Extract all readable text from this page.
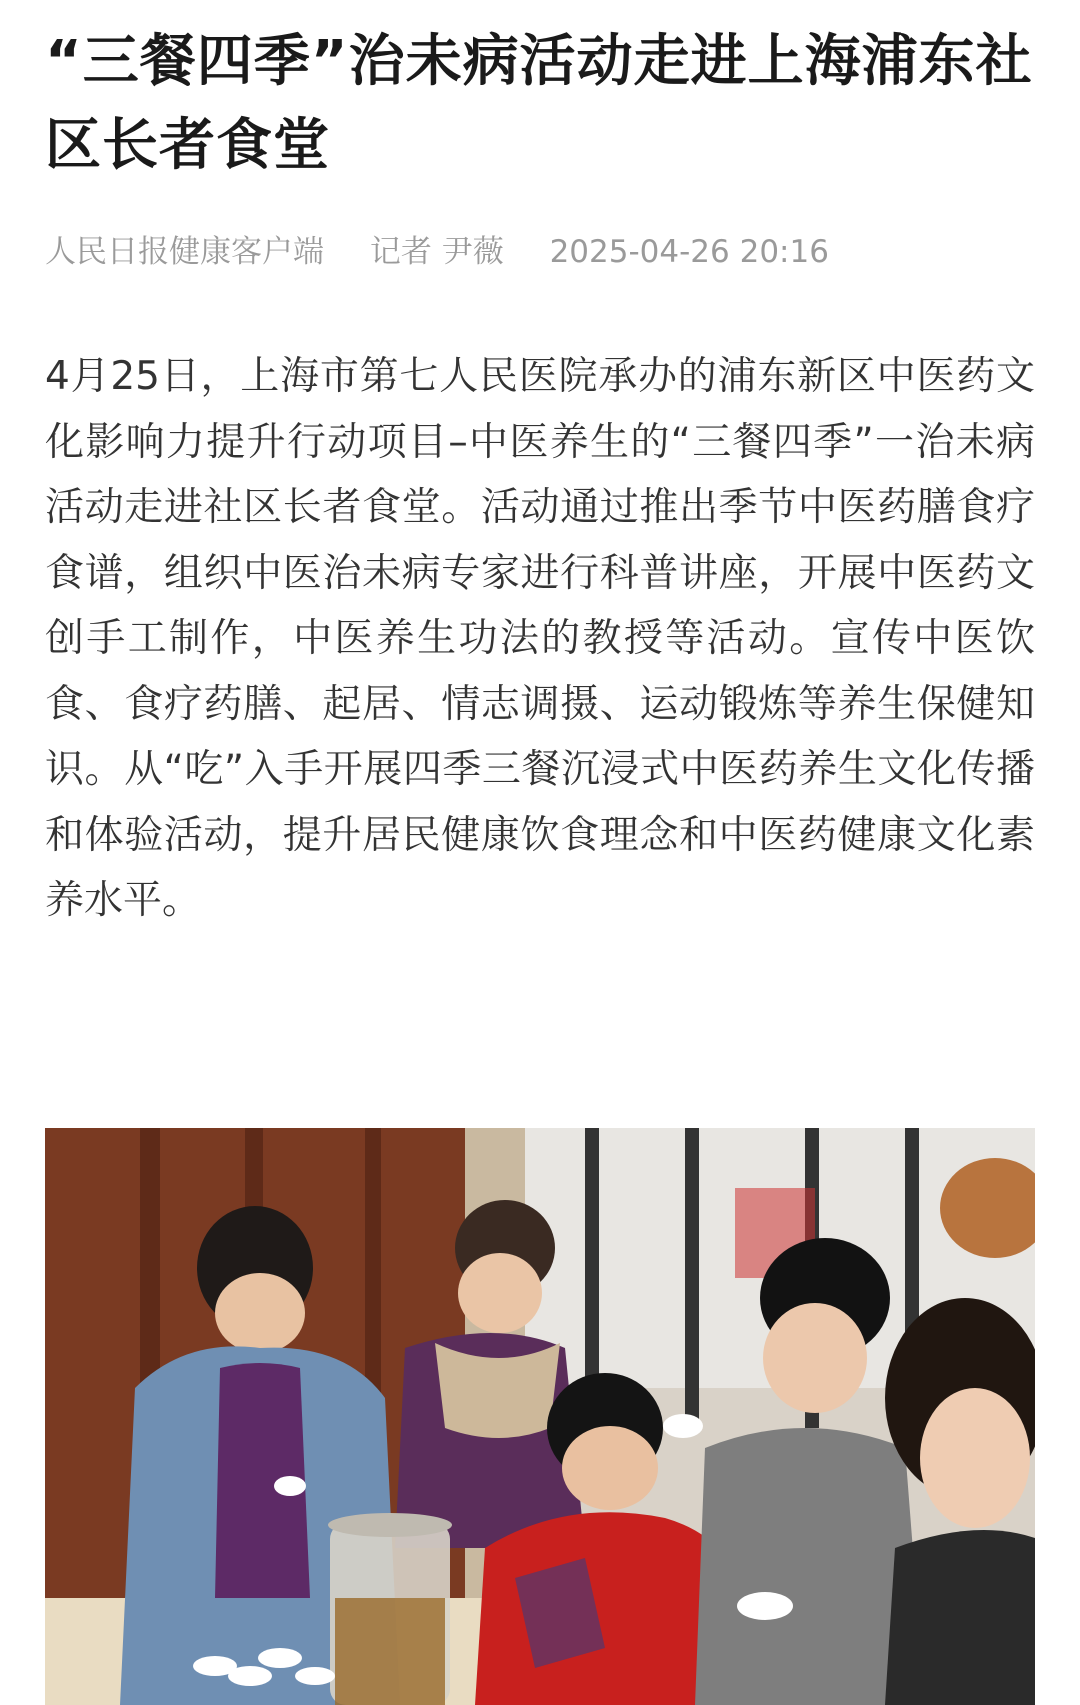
“三餐四季”治未病活动走进上海浦东社区长者食堂
人民日报健康客户端 记者 尹薇 2025-04-26 20:16

4月25日，上海市第七人民医院承办的浦东新区中医药文化影响力提升行动项目–中医养生的“三餐四季”一治未病活动走进社区长者食堂。活动通过推出季节中医药膳食疗食谱，组织中医治未病专家进行科普讲座，开展中医药文创手工制作，中医养生功法的教授等活动。宣传中医饮食、食疗药膳、起居、情志调摄、运动锻炼等养生保健知识。从“吃”入手开展四季三餐沉浸式中医药养生文化传播和体验活动，提升居民健康饮食理念和中医药健康文化素养水平。
